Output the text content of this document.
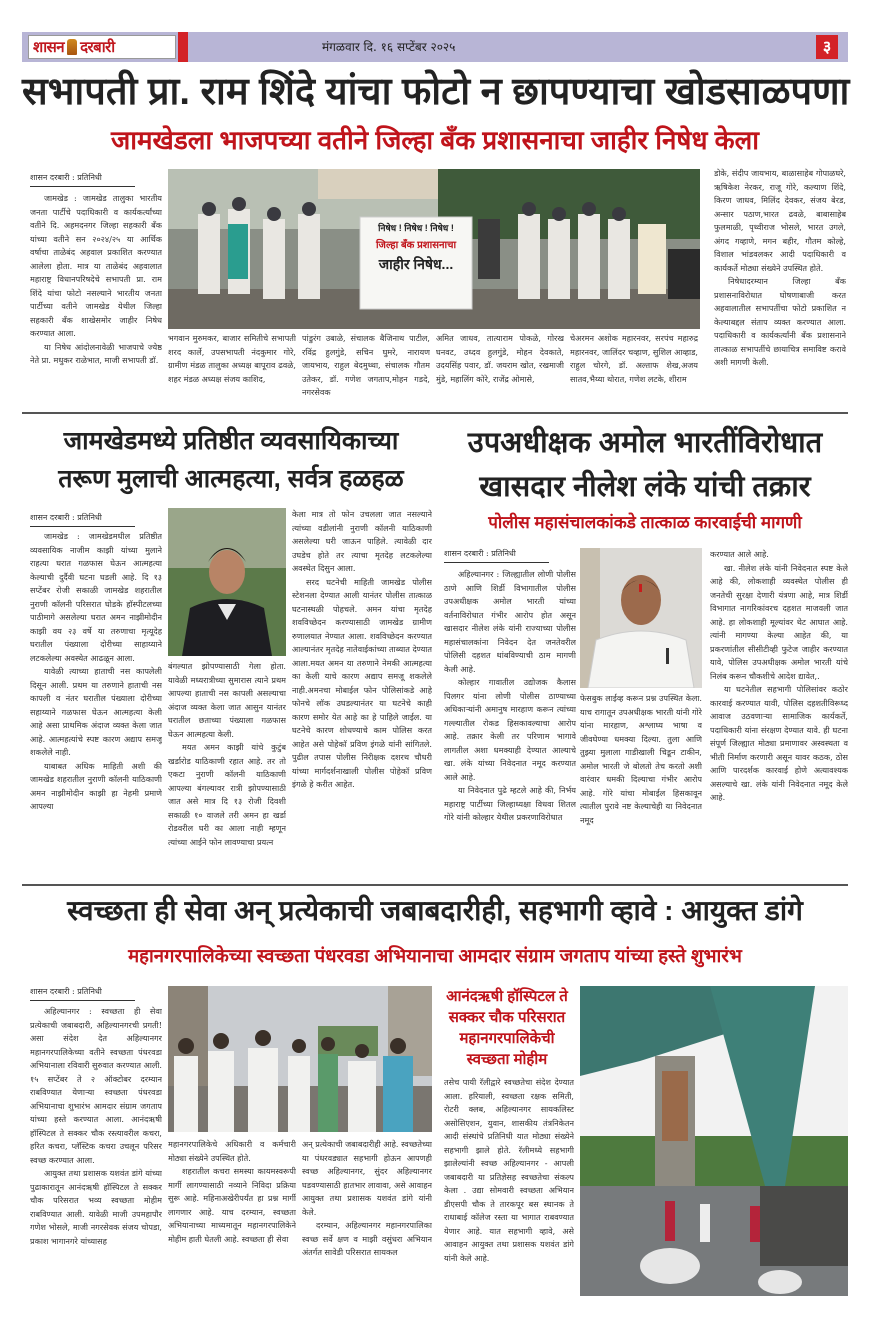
शासन दरबारी	मंगळवार दि. १६ सप्टेंबर २०२५	३
सभापती प्रा. राम शिंदे यांचा फोटो न छापण्याचा खोडसाळपणा
जामखेडला भाजपच्या वतीने जिल्हा बँक प्रशासनाचा जाहीर निषेध केला
शासन दरबारी : प्रतिनिधी

जामखेड : जामखेड तालुका भारतीय जनता पार्टीचे पदाधिकारी व कार्यकर्त्यांच्या वतीने दि. अहमदनगर जिल्हा सहकारी बँक यांच्या वतीने सन २०२४/२५ या आर्थिक वर्षाचा ताळेबंद अहवाल प्रकाशित करण्यात आलेला होता. मात्र या ताळेबंद अहवालात महाराष्ट्र विधानपरिषदेचे सभापती प्रा. राम शिंदे यांचा फोटो नसल्याने भारतीय जनता पार्टीच्या वतीने जामखेड येथील जिल्हा सहकारी बँक शाखेसमोर जाहीर निषेध करण्यात आला.

या निषेध आंदोलनावेळी भाजपाचे ज्येष्ठ नेते प्रा. मधुकर राळेभात, माजी सभापती डॉ.

निषेध ! निषेध ! निषेध !
जिल्हा बँक प्रशासनाचा
जाहीर निषेध...
भगवान मुरुमकर, बाजार समितीचे सभापती शरद कार्ले, उपसभापती नंदकुमार गोरे, ग्रामीण मंडळ तालुका अध्यक्ष बापूराव ढवळे, शहर मंडळ अध्यक्ष संजय काशिद,
पांडुरंग उबाळे, संचालक बैजिनाथ पाटील, रविंद्र हुलगुंडे, सचिन घुमरे, नारायण जायभाय, राहुल बेदमुथ्था, संचालक गौतम उतेकर, डॉ. गणेश जगताप,मोहन गडदे, नगरसेवक
अमित जाधव, तात्याराम पोकळे, गोरख घनवट, उध्दव हुलगुंडे, मोहन देवकाते, उदयसिंह पवार, डॉ. जयराम खोत, रखमाजी मुंडे, महालिंग कोरे, राजेंद्र ओमासे,
चेअरमन अशोक महारनवर, सरपंच महारुद्र महारनवर, जालिंदर चव्हाण, सुशिल आव्हाड, राहुल चोरगे, डॉ. अल्ताफ शेख,अजय सातव,भैय्या थोरात, गणेश लटके, शीराम

डोके, संदीप जायभाय, बाळासाहेब गोपाळघरे, ऋषिकेश नेरकर, राजू गोरे, कल्याण शिंदे, किरण जाधव, मिलिंद देवकर, संजय बेरड, अन्सार पठाण,भारत ढवळे, बाबासाहेब फुलमाळी, पृथ्वीराज भोसले, भारत उगले, अंगद गव्हाणे, मगन बहीर, गौतम कोल्हे, विशाल भांडवलकर आदी पदाधिकारी व कार्यकर्ते मोठ्या संख्येने उपस्थित होते.

निषेधादरम्यान जिल्हा बँक प्रशासनाविरोधात घोषणाबाजी करत अहवालातील सभापतींचा फोटो प्रकाशित न केल्याबद्दल संताप व्यक्त करण्यात आला. पदाधिकारी व कार्यकर्त्यांनी बँक प्रशासनाने तात्काळ सभापतींचे छायाचित्र समाविष्ट करावे अशी मागणी केली.

जामखेडमध्ये प्रतिष्ठीत व्यवसायिकाच्या
तरूण मुलाची आत्महत्या, सर्वत्र हळहळ
शासन दरबारी : प्रतिनिधी

जामखेड : जामखेडमधील प्रतिष्ठीत व्यवसायिक नाजीम काझी यांच्या मुलाने राहत्या घरात गळफास घेऊन आत्महत्या केल्याची दुर्दैवी घटना घडली आहे. दि १३ सप्टेंबर रोजी सकाळी जामखेड शहरातील नुराणी कॉलनी परिसरात घोडके हॉस्पीटलच्या पाठीमागे असलेल्या घरात अमन नाझीमोदीन काझी वय २३ वर्षे या तरुणाचा मृत्यूदेह घरातील पंख्याला दोरीच्या साहाय्याने लटकलेल्या अवस्थेत आढळून आला.

यावेळी त्याच्या हाताची नस कापलेली दिसून आली. प्रथम या तरुणाने हाताची नस कापली व नंतर घरातील पंख्याला दोरीच्या सहाय्याने गळफास घेऊन आत्महत्या केली आहे असा प्राथमिक अंदाज व्यक्त केला जात आहे. आत्महत्यांचे स्पष्ट कारण अद्याप समजू शकलेले नाही.

याबाबत अधिक माहिती अशी की जामखेड शहरातील नुराणी कॉलनी याठिकाणी अमन नाझीमोदीन काझी हा नेहमी प्रमाणे आपल्या

बंगल्यात झोपण्यासाठी गेला होता. यावेळी मध्यरात्रीच्या सुमारास त्याने प्रथम आपल्या हाताची नस कापली असल्याचा अंदाज व्यक्त केला जात आसुन यानंतर घरातील छताच्या पंख्याला गळफास घेऊन आत्महत्या केली.

मयत अमन काझी यांचे कुटुंब खर्डारोड याठिकाणी रहात आहे. तर तो एकटा नुराणी कॉलनी याठिकाणी आपल्या बंगल्यावर रात्री झोपण्यासाठी जात असे मात्र दि १३ रोजी दिवशी सकाळी १० वाजले तरी अमन हा खर्डा रोडवरील घरी का आला नाही म्हणून त्यांच्या आईने फोन लावण्याचा प्रयत्न

केला मात्र तो फोन उचलला जात नसल्याने त्यांच्या वडीलांनी नुराणी कॉलनी याठिकाणी असलेल्या घरी जाऊन पाहिले. त्यावेळी दार उघडेच होते तर त्याचा मृतदेह लटकलेल्या अवस्थेत दिसुन आला.

सरद घटनेची माहिती जामखेड पोलीस स्टेशनला देण्यात आली यानंतर पोलीस तात्काळ घटनास्थळी पोहचले. अमन यांचा मृतदेह शवविच्छेदन करण्यासाठी जामखेड ग्रामीण रुणालयात नेण्यात आला. शवविच्छेदन करण्यात आल्यानंतर मृतदेह नातेवाईकांच्या ताब्यात देण्यात आला.मयत अमन या तरुणाने नेमकी आत्महत्या का केली याचे कारण अद्याप समजू शकलेले नाही.अमनचा मोबाईल फोन पोलिसांकडे आहे फोनचे लॉक उघडल्यानंतर या घटनेचे काही कारण समोर येत आहे का हे पाहिले जाईल. या घटनेचे कारण शोधण्याचे काम पोलिस करत आहेत असे पोहेकॉ प्रविण इंगळे यांनी सांगितले. पुढील तपास पोलीस निरीक्षक दशरथ चौधरी यांच्या मार्गदर्शनाखाली पोलीस पोहेकॉ प्रविण इंगळे हे करीत आहेत.

उपअधीक्षक अमोल भारतींविरोधात
खासदार नीलेश लंके यांची तक्रार
पोलीस महासंचालकांकडे तात्काळ कारवाईची मागणी
शासन दरबारी : प्रतिनिधी

अहिल्यानगर : जिल्ह्यातील लोणी पोलीस ठाणे आणि शिर्डी विभागातील पोलीस उपअधीक्षक अमोल भारती यांच्या वर्तनाविरोधात गंभीर आरोप होत असून खासदार नीलेश लंके यांनी राज्याच्या पोलीस महासंचालकांना निवेदन देत जनतेवरील पोलिसी दहशत थांबविण्याची ठाम मागणी केली आहे.

कोल्हार गावातील उद्योजक कैलास पिलगर यांना लोणी पोलीस ठाण्याच्या अधिकाऱ्यांनी अमानुष मारहाण करून त्यांच्या गल्ल्यातील रोकड हिसकावल्याचा आरोप आहे. तक्रार केली तर परिणाम भागावे लागतील अशा धमक्याही देण्यात आल्याचे खा. लंके यांच्या निवेदनात नमूद करण्यात आले आहे.

या निवेदनात पुढे म्हटले आहे की, निर्भय महाराष्ट्र पार्टीच्या जिल्हाध्यक्षा विधवा शितल गोरे यांनी कोल्हार येथील प्रकरणाविरोधात

फेसबुक लाईव्ह करून प्रश्न उपस्थित केला. याच रागातून उपअधीक्षक भारती यांनी गोरे यांना मारहाण, अश्लाघ्य भाषा व जीवघेण्या धमक्या दिल्या. तुला आणि तुझ्या मुलाला गाडीखाली चिडून टाकीन, अमोल भारती जे बोलतो तेच करतो अशी वारंवार धमकी दिल्याचा गंभीर आरोप आहे. गोरे यांचा मोबाईल हिसकावून त्यातील पुरावे नष्ट केल्याचेही या निवेदनात नमूद

करण्यात आले आहे.

खा. नीलेश लंके यांनी निवेदनात स्पष्ट केले आहे की, लोकशाही व्यवस्थेत पोलीस ही जनतेची सुरक्षा देणारी यंत्रणा आहे, मात्र शिर्डी विभागात नागरिकांवरच दहशत माजवली जात आहे. हा लोकशाही मूल्यांवर थेट आघात आहे. त्यांनी मागण्या केल्या आहेत की, या प्रकरणांतील सीसीटीव्ही फुटेज जाहीर करण्यात यावे, पोलिस उपअधीक्षक अमोल भारती यांचे निलंब करून चौकशीचे आदेश द्यावेत,.

या घटनेतील सहभागी पोलिसांवर कठोर कारवाई करण्यात यावी, पोलिस दहशतीविरूध्द आवाज उठवणाऱ्या सामाजिक कार्यकर्ते, पदाधिकारी यांना संरक्षण देण्यात यावे. ही घटना संपूर्ण जिल्ह्यात मोठ्या प्रमाणावर अस्वस्थता व भीती निर्माण करणारी असून यावर कठक, ठोस आणि पारदर्शक कारवाई होणे अत्यावश्यक असल्याचे खा. लंके यांनी निवेदनात नमूद केले आहे.

स्वच्छता ही सेवा अन् प्रत्येकाची जबाबदारीही, सहभागी व्हावे : आयुक्त डांगे
महानगरपालिकेच्या स्वच्छता पंधरवडा अभियानाचा आमदार संग्राम जगताप यांच्या हस्ते शुभारंभ
शासन दरबारी : प्रतिनिधी

अहिल्यानगर : स्वच्छता ही सेवा प्रत्येकाची जबाबदारी, अहिल्यानगरची प्रगती! असा संदेश देत अहिल्यानगर महानगरपालिकेच्या वतीने स्वच्छता पंधरवडा अभियानाला रविवारी सुरुवात करण्यात आली. १५ सप्टेंबर ते २ ऑक्टोबर दरम्यान राबविण्यात येणाऱ्या स्वच्छता पंधरवडा अभियानाचा शुभारंभ आमदार संग्राम जगताप यांच्या हस्ते करण्यात आला. आनंदऋषी हॉस्पिटल ते सक्कर चौक रस्त्यावरील कचरा, हरित कचरा, प्लॅस्टिक कचरा उचलून परिसर स्वच्छ करण्यात आला.

आयुक्त तथा प्रशासक यशवंत डांगे यांच्या पुढाकारातून आनंदऋषी हॉस्पिटल ते सक्कर चौक परिसरात भव्य स्वच्छता मोहीम राबविण्यात आली. यावेळी माजी उपमहापौर गणेश भोसले, माजी नगरसेवक संजय चोपडा, प्रकाश भागानगरे यांच्यासह

महानगरपालिकेचे अधिकारी व कर्मचारी मोठ्या संख्येने उपस्थित होते.

शहरातील कचरा समस्या कायमस्वरूपी मार्गी लागण्यासाठी नव्याने निविदा प्रक्रिया सुरू आहे. महिनाअखेरीपर्यंत हा प्रश्न मार्गी लागणार आहे. याच दरम्यान, स्वच्छता अभियानाच्या माध्यमातून महानगरपालिकेने मोहीम हाती घेतली आहे. स्वच्छता ही सेवा

अन् प्रत्येकाची जबाबदारीही आहे. स्वच्छतेच्या या पंधरवड्यात सहभागी होऊन आपणही स्वच्छ अहिल्यानगर, सुंदर अहिल्यानगर घडवण्यासाठी हातभार लावावा, असे आवाहन आयुक्त तथा प्रशासक यशवंत डांगे यांनी केले.

दरम्यान, अहिल्यानगर महानगरपालिका स्वच्छ सर्वे क्षण व माझी वसुंधरा अभियान अंतर्गत सावेडी परिसरात सायकल

आनंदऋषी हॉस्पिटल ते सक्कर चौक परिसरात महानगरपालिकेची स्वच्छता मोहीम
तसेच पायी रॅलीद्वारे स्वच्छतेचा संदेश देण्यात आला. हरियाली, स्वच्छता रक्षक समिती, रोटरी क्लब, अहिल्यानगर सायकलिस्ट असोसिएशन, युवान, शासकीय तंत्रनिकेतन आदी संस्थांचे प्रतिनिधी यात मोठ्या संख्येने सहभागी झाले होते. रॅलीमध्ये सहभागी झालेल्यांनी स्वच्छ अहिल्यानगर - आपली जबाबदारी या प्रतिज्ञेसह स्वच्छतेचा संकल्प केला . उद्या सोमवारी स्वच्छता अभियान डीएसपी चौक ते तारकपूर बस स्थानक ते राधाबाई कॉलेज रस्ता या भागात राबवण्यात येणार आहे. यात सहभागी व्हावे, असे आवाहन आयुक्त तथा प्रशासक यशवंत डांगे यांनी केले आहे.
